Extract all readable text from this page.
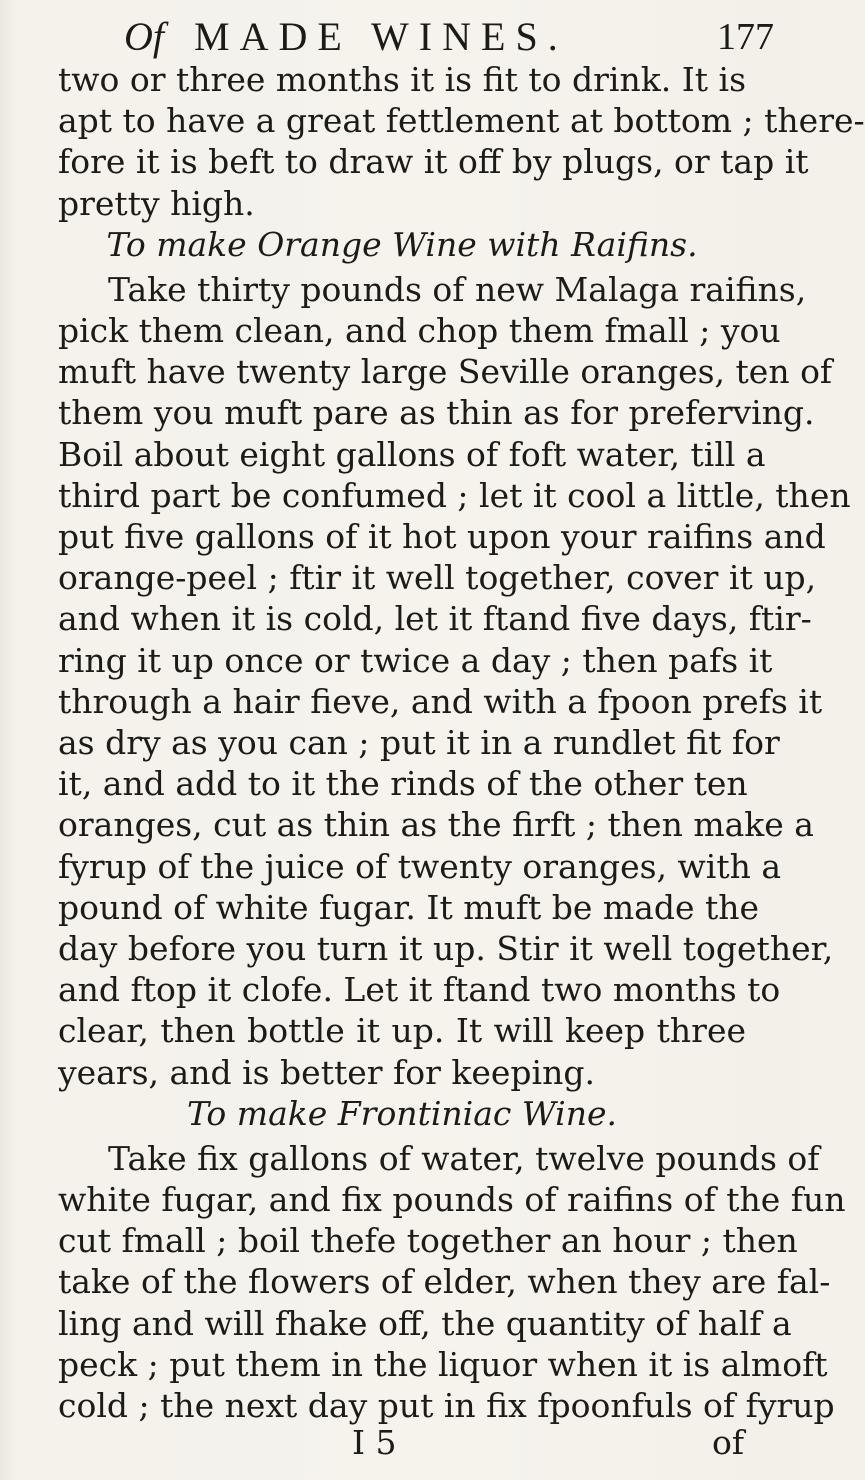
Of MADE WINES.	177
two or three months it is fit to drink. It is
apt to have a great fettlement at bottom ; there-
fore it is beft to draw it off by plugs, or tap it
pretty high.
To make Orange Wine with Raifins.
Take thirty pounds of new Malaga raifins,
pick them clean, and chop them fmall ; you
muft have twenty large Seville oranges, ten of
them you muft pare as thin as for preferving.
Boil about eight gallons of foft water, till a
third part be confumed ; let it cool a little, then
put five gallons of it hot upon your raifins and
orange-peel ; ftir it well together, cover it up,
and when it is cold, let it ftand five days, ftir-
ring it up once or twice a day ; then pafs it
through a hair fieve, and with a fpoon prefs it
as dry as you can ; put it in a rundlet fit for
it, and add to it the rinds of the other ten
oranges, cut as thin as the firft ; then make a
fyrup of the juice of twenty oranges, with a
pound of white fugar. It muft be made the
day before you turn it up. Stir it well together,
and ftop it clofe. Let it ftand two months to
clear, then bottle it up. It will keep three
years, and is better for keeping.
To make Frontiniac Wine.
Take fix gallons of water, twelve pounds of
white fugar, and fix pounds of raifins of the fun
cut fmall ; boil thefe together an hour ; then
I 5	of
take of the flowers of elder, when they are fal-
ling and will fhake off, the quantity of half a
peck ; put them in the liquor when it is almoft
cold ; the next day put in fix fpoonfuls of fyrup
